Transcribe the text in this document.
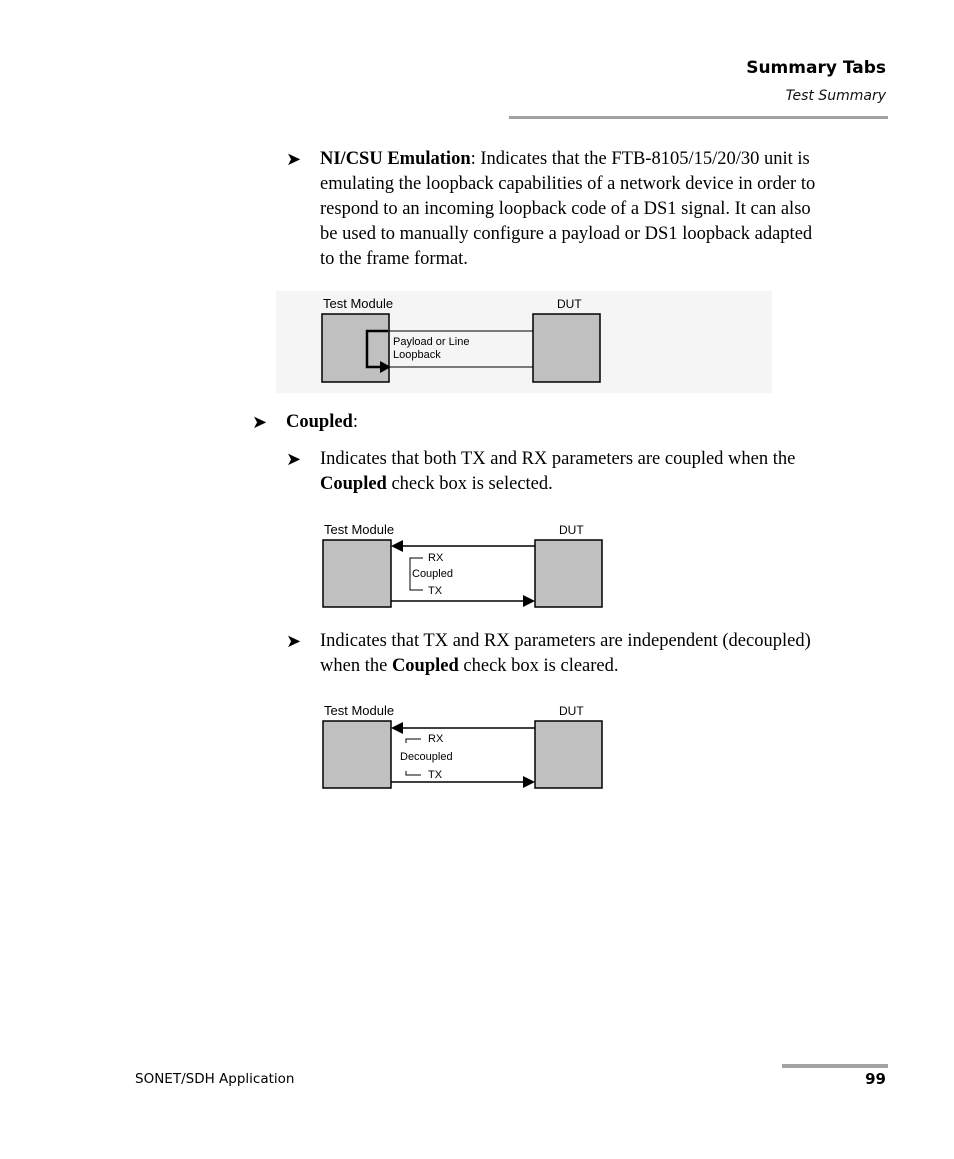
Summary Tabs
Test Summary
➤	NI/CSU Emulation: Indicates that the FTB-8105/15/20/30 unit is
emulating the loopback capabilities of a network device in order to
respond to an incoming loopback code of a DS1 signal. It can also
be used to manually configure a payload or DS1 loopback adapted
to the frame format.
Test Module	DUT
Payload or Line
Loopback
➤	Coupled:
➤	Indicates that both TX and RX parameters are coupled when the
Coupled check box is selected.
Test Module	DUT
RX
Coupled
TX
➤	Indicates that TX and RX parameters are independent (decoupled)
when the Coupled check box is cleared.
Test Module	DUT
RX
Decoupled
TX
SONET/SDH Application	99
